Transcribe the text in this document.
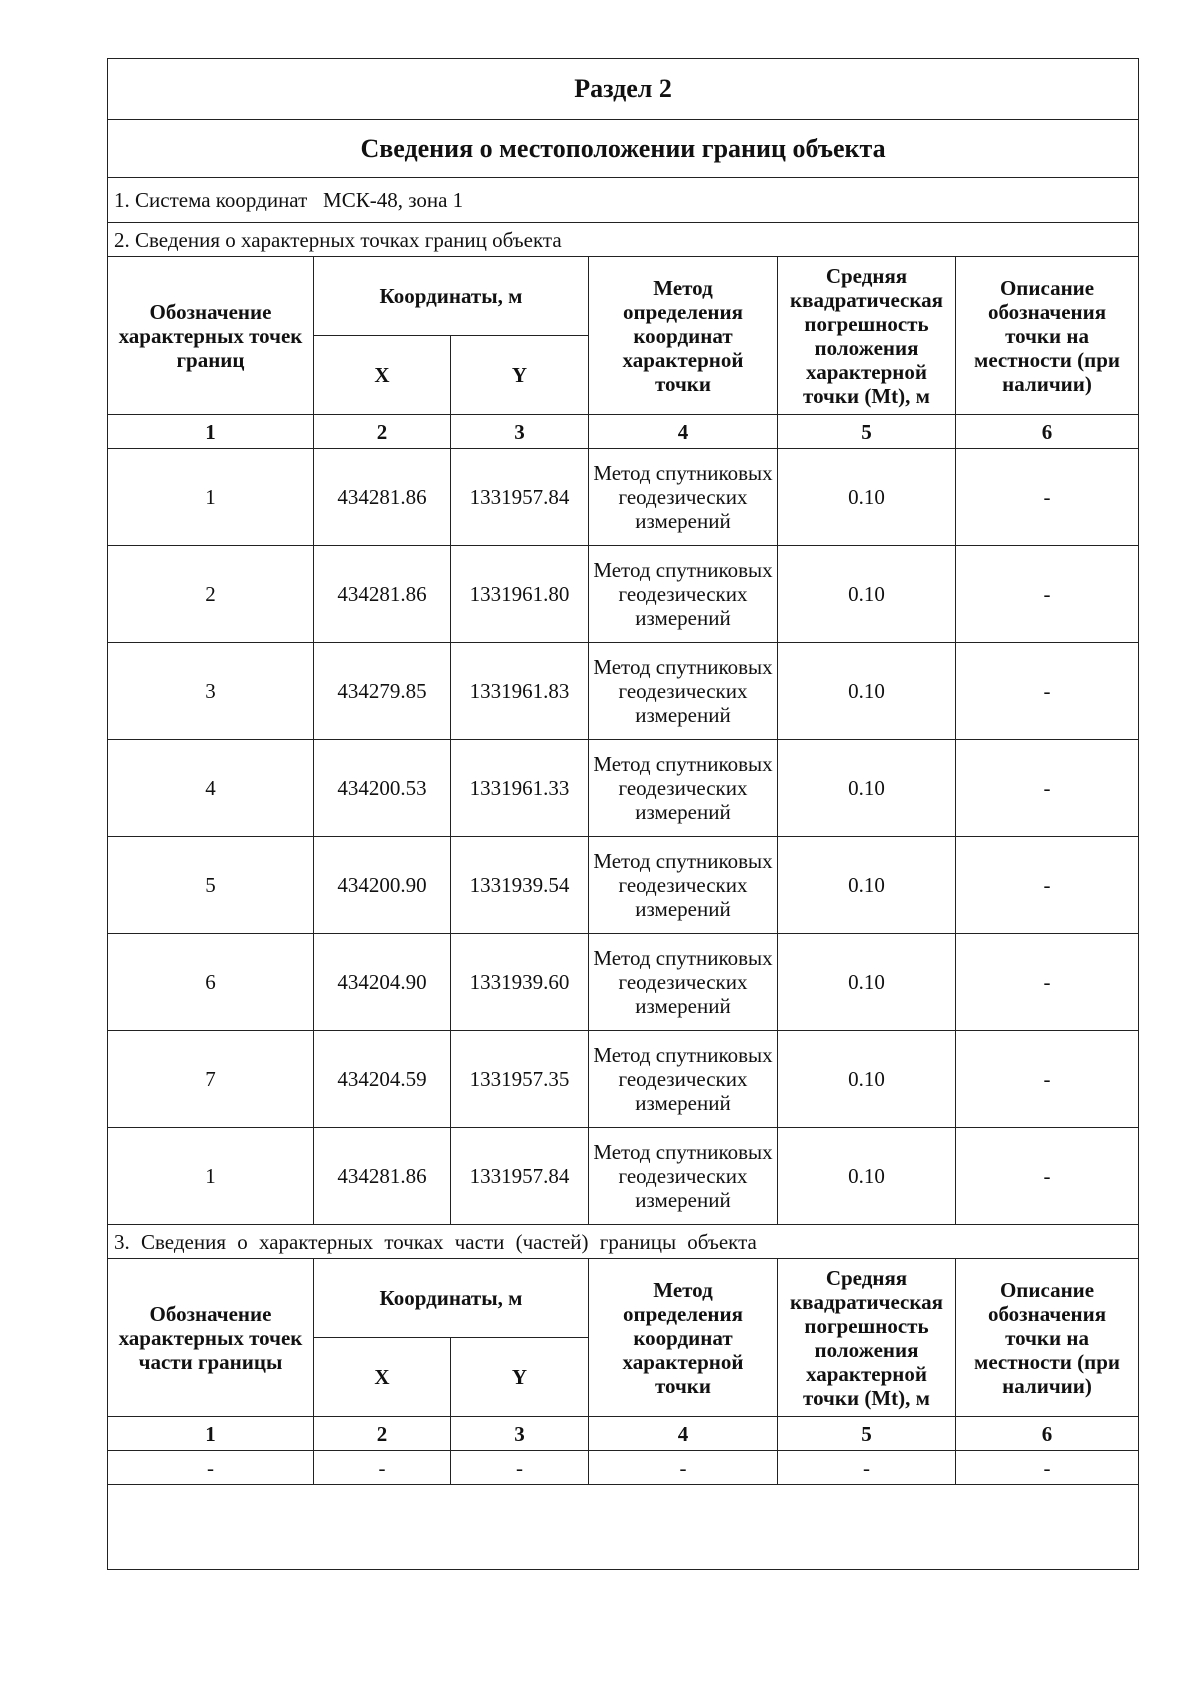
Раздел 2					
Сведения о местоположении границ объекта					
1. Система координат МСК-48, зона 1					
2. Сведения о характерных точках границ объекта					
Обозначение характерных точек границ	Координаты, м		Метод определения координат характерной точки	Средняя квадратическая погрешность положения характерной точки (Mt), м	Описание обозначения точки на местности (при наличии)
	X	Y			
1	2	3	4	5	6
1	434281.86	1331957.84	Метод спутниковых геодезических измерений	0.10	-
2	434281.86	1331961.80	Метод спутниковых геодезических измерений	0.10	-
3	434279.85	1331961.83	Метод спутниковых геодезических измерений	0.10	-
4	434200.53	1331961.33	Метод спутниковых геодезических измерений	0.10	-
5	434200.90	1331939.54	Метод спутниковых геодезических измерений	0.10	-
6	434204.90	1331939.60	Метод спутниковых геодезических измерений	0.10	-
7	434204.59	1331957.35	Метод спутниковых геодезических измерений	0.10	-
1	434281.86	1331957.84	Метод спутниковых геодезических измерений	0.10	-
3. Сведения о характерных точках части (частей) границы объекта					
Обозначение характерных точек части границы	Координаты, м		Метод определения координат характерной точки	Средняя квадратическая погрешность положения характерной точки (Mt), м	Описание обозначения точки на местности (при наличии)
	X	Y			
1	2	3	4	5	6
-	-	-	-	-	-
